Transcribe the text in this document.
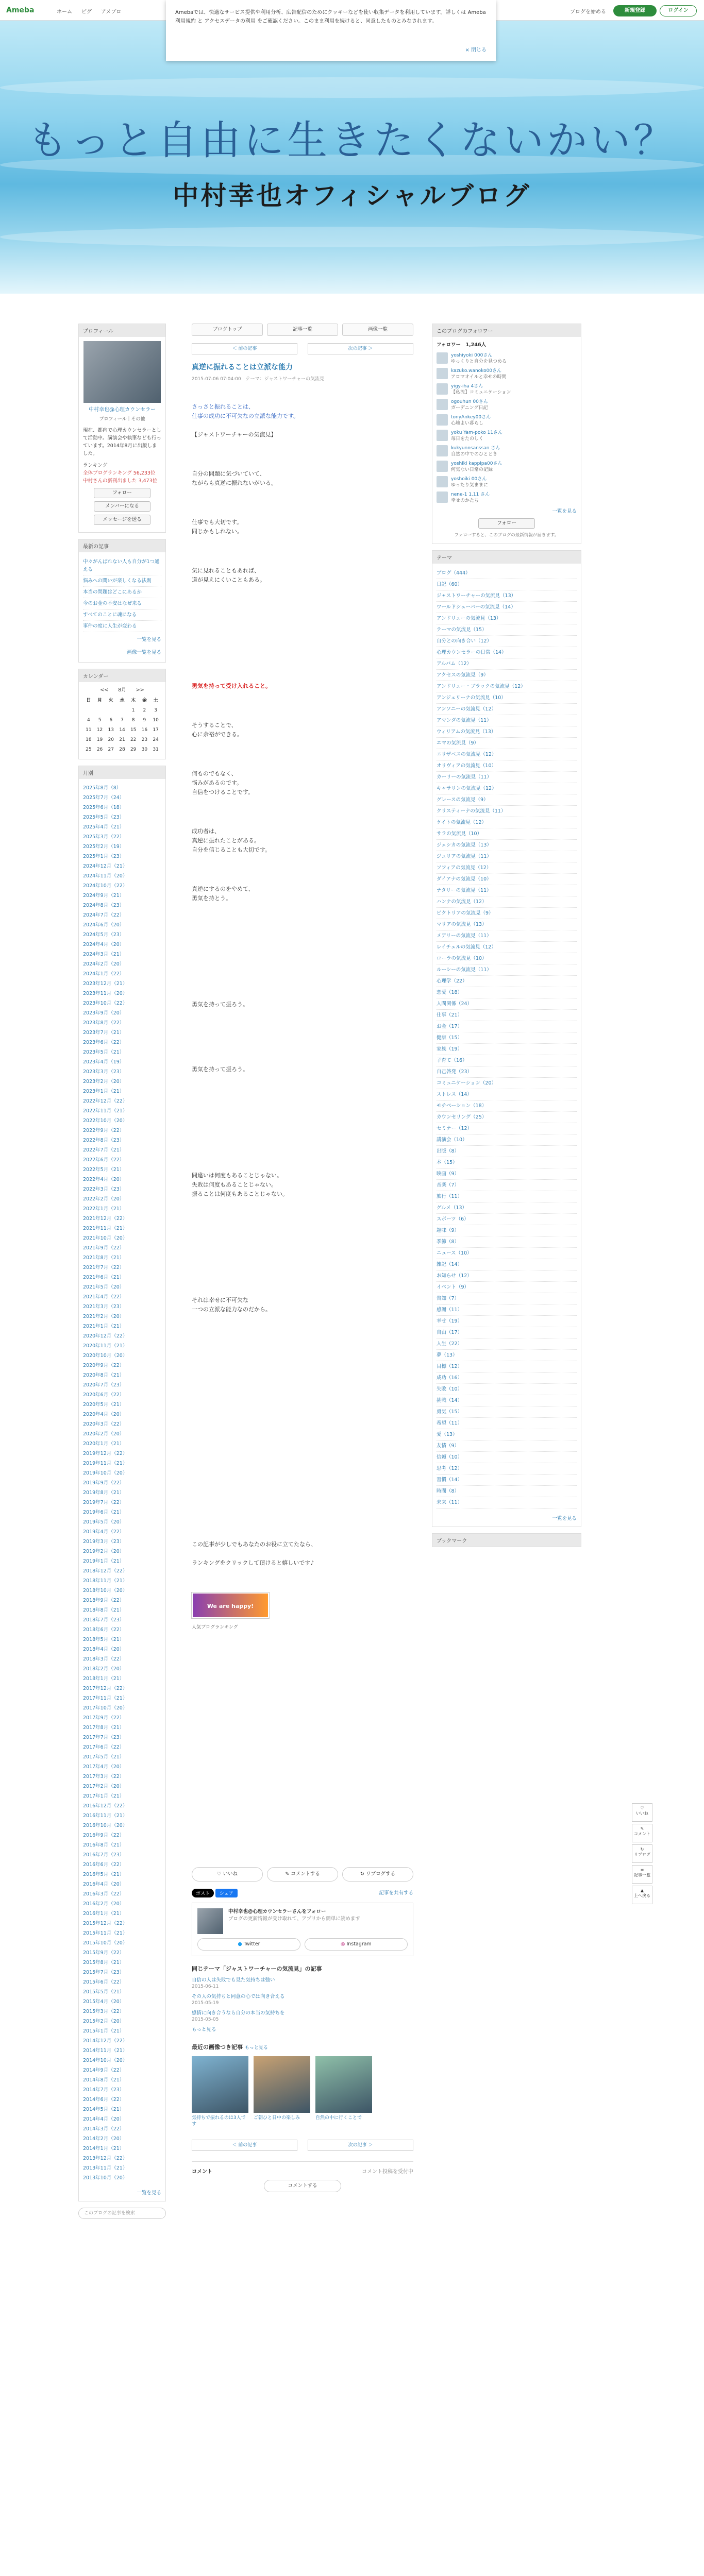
Ameba	ホーム ピグ アメブロ	ブログを始める	新規登録	ログイン
Amebaでは、快適なサービス提供や利用分析、広告配信のためにクッキーなどを使い収集データを利用しています。詳しくは Ameba利用規約 と アクセスデータの利用 をご確認ください。このまま利用を続けると、同意したものとみなされます。
× 閉じる
もっと自由に生きたくないかい？
中村幸也オフィシャルブログ
プロフィール
中村幸也@心理カウンセラー
プロフィール｜その他
現在、都内で心理カウンセラーとして活動中。講演会や執筆なども行っています。2014年8月に出版しました。
ランキング
全体ブログランキング 56,233位
中村さんの新刊出ました 3,473位
フォロー
メンバーになる
メッセージを送る
最新の記事
中々がんばれない人も自分が1つ通える
悩みへの問いが楽しくなる法則
本当の問題はどこにあるか
今のお金の不安はなぜ来る
すべてのことに魂になる
事件の度に人生が変わる
一覧を見る
画像一覧を見る
カレンダー
<< 8月 >>
日	月	火	水	木	金	土
				1	2	3
4	5	6	7	8	9	10
11	12	13	14	15	16	17
18	19	20	21	22	23	24
25	26	27	28	29	30	31
月別
2025年8月（8）
2025年7月（24）
2025年6月（18）
2025年5月（23）
2025年4月（21）
2025年3月（22）
2025年2月（19）
2025年1月（23）
2024年12月（21）
2024年11月（20）
2024年10月（22）
2024年9月（21）
2024年8月（23）
2024年7月（22）
2024年6月（20）
2024年5月（23）
2024年4月（20）
2024年3月（21）
2024年2月（20）
2024年1月（22）
2023年12月（21）
2023年11月（20）
2023年10月（22）
2023年9月（20）
2023年8月（22）
2023年7月（21）
2023年6月（22）
2023年5月（21）
2023年4月（19）
2023年3月（23）
2023年2月（20）
2023年1月（21）
2022年12月（22）
2022年11月（21）
2022年10月（20）
2022年9月（22）
2022年8月（23）
2022年7月（21）
2022年6月（22）
2022年5月（21）
2022年4月（20）
2022年3月（23）
2022年2月（20）
2022年1月（21）
2021年12月（22）
2021年11月（21）
2021年10月（20）
2021年9月（22）
2021年8月（21）
2021年7月（22）
2021年6月（21）
2021年5月（20）
2021年4月（22）
2021年3月（23）
2021年2月（20）
2021年1月（21）
2020年12月（22）
2020年11月（21）
2020年10月（20）
2020年9月（22）
2020年8月（21）
2020年7月（23）
2020年6月（22）
2020年5月（21）
2020年4月（20）
2020年3月（22）
2020年2月（20）
2020年1月（21）
2019年12月（22）
2019年11月（21）
2019年10月（20）
2019年9月（22）
2019年8月（21）
2019年7月（22）
2019年6月（21）
2019年5月（20）
2019年4月（22）
2019年3月（23）
2019年2月（20）
2019年1月（21）
2018年12月（22）
2018年11月（21）
2018年10月（20）
2018年9月（22）
2018年8月（21）
2018年7月（23）
2018年6月（22）
2018年5月（21）
2018年4月（20）
2018年3月（22）
2018年2月（20）
2018年1月（21）
2017年12月（22）
2017年11月（21）
2017年10月（20）
2017年9月（22）
2017年8月（21）
2017年7月（23）
2017年6月（22）
2017年5月（21）
2017年4月（20）
2017年3月（22）
2017年2月（20）
2017年1月（21）
2016年12月（22）
2016年11月（21）
2016年10月（20）
2016年9月（22）
2016年8月（21）
2016年7月（23）
2016年6月（22）
2016年5月（21）
2016年4月（20）
2016年3月（22）
2016年2月（20）
2016年1月（21）
2015年12月（22）
2015年11月（21）
2015年10月（20）
2015年9月（22）
2015年8月（21）
2015年7月（23）
2015年6月（22）
2015年5月（21）
2015年4月（20）
2015年3月（22）
2015年2月（20）
2015年1月（21）
2014年12月（22）
2014年11月（21）
2014年10月（20）
2014年9月（22）
2014年8月（21）
2014年7月（23）
2014年6月（22）
2014年5月（21）
2014年4月（20）
2014年3月（22）
2014年2月（20）
2014年1月（21）
2013年12月（22）
2013年11月（21）
2013年10月（20）
一覧を見る
このブログの記事を検索
ブログトップ	記事一覧	画像一覧
＜ 前の記事	次の記事 ＞
真逆に振れることは立派な能力
2015-07-06 07:04:00　テーマ：ジャストワーチャーの気流見

さっさと振れることは、
仕事の成功に不可欠なの立派な能力です。

【ジャストワーチャーの気流見】

自分の問題に気づいていて、
ながらも真逆に振れないがいる。

仕事でも大切です。
同じかもしれない。

気に見れることもあれば、
道が見えにくいこともある。

勇気を持って受け入れること。

そうすることで、
心に余裕ができる。

何ものでもなく、
悩みがあるのです。
自信をつけることです。

成功者は、
真逆に振れたことがある。
自分を信じることも大切です。

真逆にするのをやめて、
勇気を持とう。

勇気を持って振ろう。

勇気を持って振ろう。

間違いは何度もあることじゃない。
失敗は何度もあることじゃない。
振ることは何度もあることじゃない。

それは幸せに不可欠な
一つの立派な能力なのだから。

この記事が少しでもあなたのお役に立てたなら、

ランキングをクリックして頂けると嬉しいです♪

We are happy!
人気ブログランキング
♡ いいね	✎ コメントする	↻ リブログする
ポスト シェア	記事を共有する
中村幸也@心理カウンセラーさんをフォロー
ブログの更新情報が受け取れて、アプリから簡単に読めます
● Twitter	◎ Instagram
同じテーマ「ジャストワーチャーの気流見」の記事
自信の人は失敗でも見た気持ちは強い
2015-06-11
その人の気持ちと同意の心では向き合える
2015-05-19
感情に向き合うなら自分の本当の気持ちを
2015-05-05
もっと見る
最近の画像つき記事 もっと見る
気持ちで振れるのは3人です
ご朝ひと日中の楽しみ	自然の中に行くことで
＜ 前の記事	次の記事 ＞
コメント	コメント投稿を受付中
コメントする
このブログのフォロワー
フォロワー　1,246人
yoshiyoki 000さん
ゆっくりと自分を見つめる
kazuko.wanoko00さん
アロマオイルと幸せの時間
yigy-iha 4さん
【私流】コミュニケーション
ogouhun 00さん
ガーデニング日記
tonyAnkey00さん
心地よい暮らし
yoku Yam-poko 11さん
毎日をたのしく
kukyunnsanssan さん
自然の中でのひととき
yoshiki kappipa00さん
何気ない日常の記録
yoshoiki 00さん
ゆったり気ままに
nene-1 1.11 さん
幸せのかたち
一覧を見る
フォロー
フォローすると、このブログの最新情報が届きます。
テーマ
ブログ（444）
日記（60）
ジャストワーチャーの気流見（13）
ワールドシェーパーの気流見（14）
アンドリューの気流見（13）
テーマの気流見（15）
自分との向き合い（12）
心理カウンセラーの日常（14）
アルバム（12）
アクセスの気流見（9）
アンドリュー・ブラックの気流見（12）
アンジェリーナの気流見（10）
アンソニーの気流見（12）
アマンダの気流見（11）
ウィリアムの気流見（13）
エマの気流見（9）
エリザベスの気流見（12）
オリヴィアの気流見（10）
カーリーの気流見（11）
キャサリンの気流見（12）
グレースの気流見（9）
クリスティーナの気流見（11）
ケイトの気流見（12）
サラの気流見（10）
ジェシカの気流見（13）
ジュリアの気流見（11）
ソフィアの気流見（12）
ダイアナの気流見（10）
ナタリーの気流見（11）
ハンナの気流見（12）
ビクトリアの気流見（9）
マリアの気流見（13）
メアリーの気流見（11）
レイチェルの気流見（12）
ローラの気流見（10）
ルーシーの気流見（11）
心理学（22）
恋愛（18）
人間関係（24）
仕事（21）
お金（17）
健康（15）
家族（19）
子育て（16）
自己啓発（23）
コミュニケーション（20）
ストレス（14）
モチベーション（18）
カウンセリング（25）
セミナー（12）
講演会（10）
出版（8）
本（15）
映画（9）
音楽（7）
旅行（11）
グルメ（13）
スポーツ（6）
趣味（9）
季節（8）
ニュース（10）
雑記（14）
お知らせ（12）
イベント（9）
告知（7）
感謝（11）
幸せ（19）
自由（17）
人生（22）
夢（13）
目標（12）
成功（16）
失敗（10）
挑戦（14）
勇気（15）
希望（11）
愛（13）
友情（9）
信頼（10）
思考（12）
習慣（14）
時間（8）
未来（11）
一覧を見る
ブックマーク
♡
いいね
✎
コメント
↻
リブログ
≡
記事一覧
▲
上へ戻る
